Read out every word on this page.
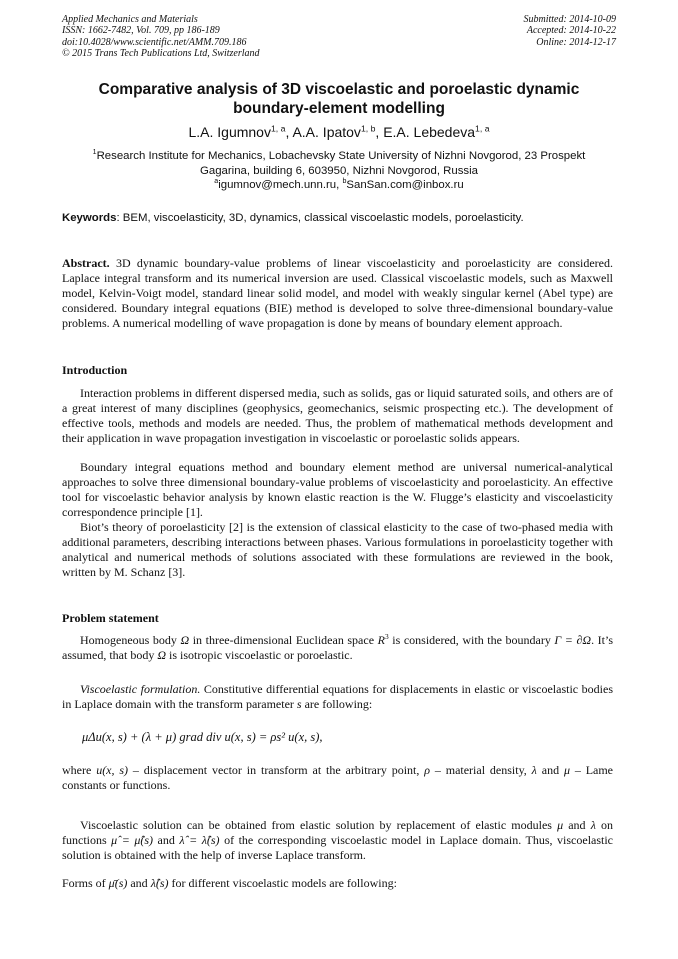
Applied Mechanics and Materials
ISSN: 1662-7482, Vol. 709, pp 186-189
doi:10.4028/www.scientific.net/AMM.709.186
© 2015 Trans Tech Publications Ltd, Switzerland
Submitted: 2014-10-09
Accepted: 2014-10-22
Online: 2014-12-17
Comparative analysis of 3D viscoelastic and poroelastic dynamic
boundary-element modelling
L.A. Igumnov$^{1, a}$, A.A. Ipatov$^{1, b}$, E.A. Lebedeva$^{1, a}$
$^1$Research Institute for Mechanics, Lobachevsky State University of Nizhni Novgorod, 23 Prospekt
Gagarina, building 6, 603950, Nizhni Novgorod, Russia
$^a$igumnov@mech.unn.ru, $^b$SanSan.com@inbox.ru
Keywords: BEM, viscoelasticity, 3D, dynamics, classical viscoelastic models, poroelasticity.

Abstract. 3D dynamic boundary-value problems of linear viscoelasticity and poroelasticity are considered. Laplace integral transform and its numerical inversion are used. Classical viscoelastic models, such as Maxwell model, Kelvin-Voigt model, standard linear solid model, and model with weakly singular kernel (Abel type) are considered. Boundary integral equations (BIE) method is developed to solve three-dimensional boundary-value problems. A numerical modelling of wave propagation is done by means of boundary element approach.

Introduction

Interaction problems in different dispersed media, such as solids, gas or liquid saturated soils, and others are of a great interest of many disciplines (geophysics, geomechanics, seismic prospecting etc.). The development of effective tools, methods and models are needed. Thus, the problem of mathematical methods development and their application in wave propagation investigation in viscoelastic or poroelastic solids appears.

Boundary integral equations method and boundary element method are universal numerical-analytical approaches to solve three dimensional boundary-value problems of viscoelasticity and poroelasticity. An effective tool for viscoelastic behavior analysis by known elastic reaction is the W. Flugge’s elasticity and viscoelasticity correspondence principle [1].

Biot’s theory of poroelasticity [2] is the extension of classical elasticity to the case of two-phased media with additional parameters, describing interactions between phases. Various formulations in poroelasticity together with analytical and numerical methods of solutions associated with these formulations are reviewed in the book, written by M. Schanz [3].

Problem statement

Homogeneous body Ω in three-dimensional Euclidean space $R^3$ is considered, with the boundary Γ = ∂Ω. It’s assumed, that body Ω is isotropic viscoelastic or poroelastic.

Viscoelastic formulation. Constitutive differential equations for displacements in elastic or viscoelastic bodies in Laplace domain with the transform parameter s are following:

μΔu(x, s) + (λ + μ) grad div u(x, s) = ρs² u(x, s),

where u(x, s) – displacement vector in transform at the arbitrary point, ρ – material density, λ and μ – Lame constants or functions.

Viscoelastic solution can be obtained from elastic solution by replacement of elastic modules μ and λ on functions μ̂ = μ̂(s) and λ̂ = λ̂(s) of the corresponding viscoelastic model in Laplace domain. Thus, viscoelastic solution is obtained with the help of inverse Laplace transform.

Forms of μ̄(s) and λ̂(s) for different viscoelastic models are following:
